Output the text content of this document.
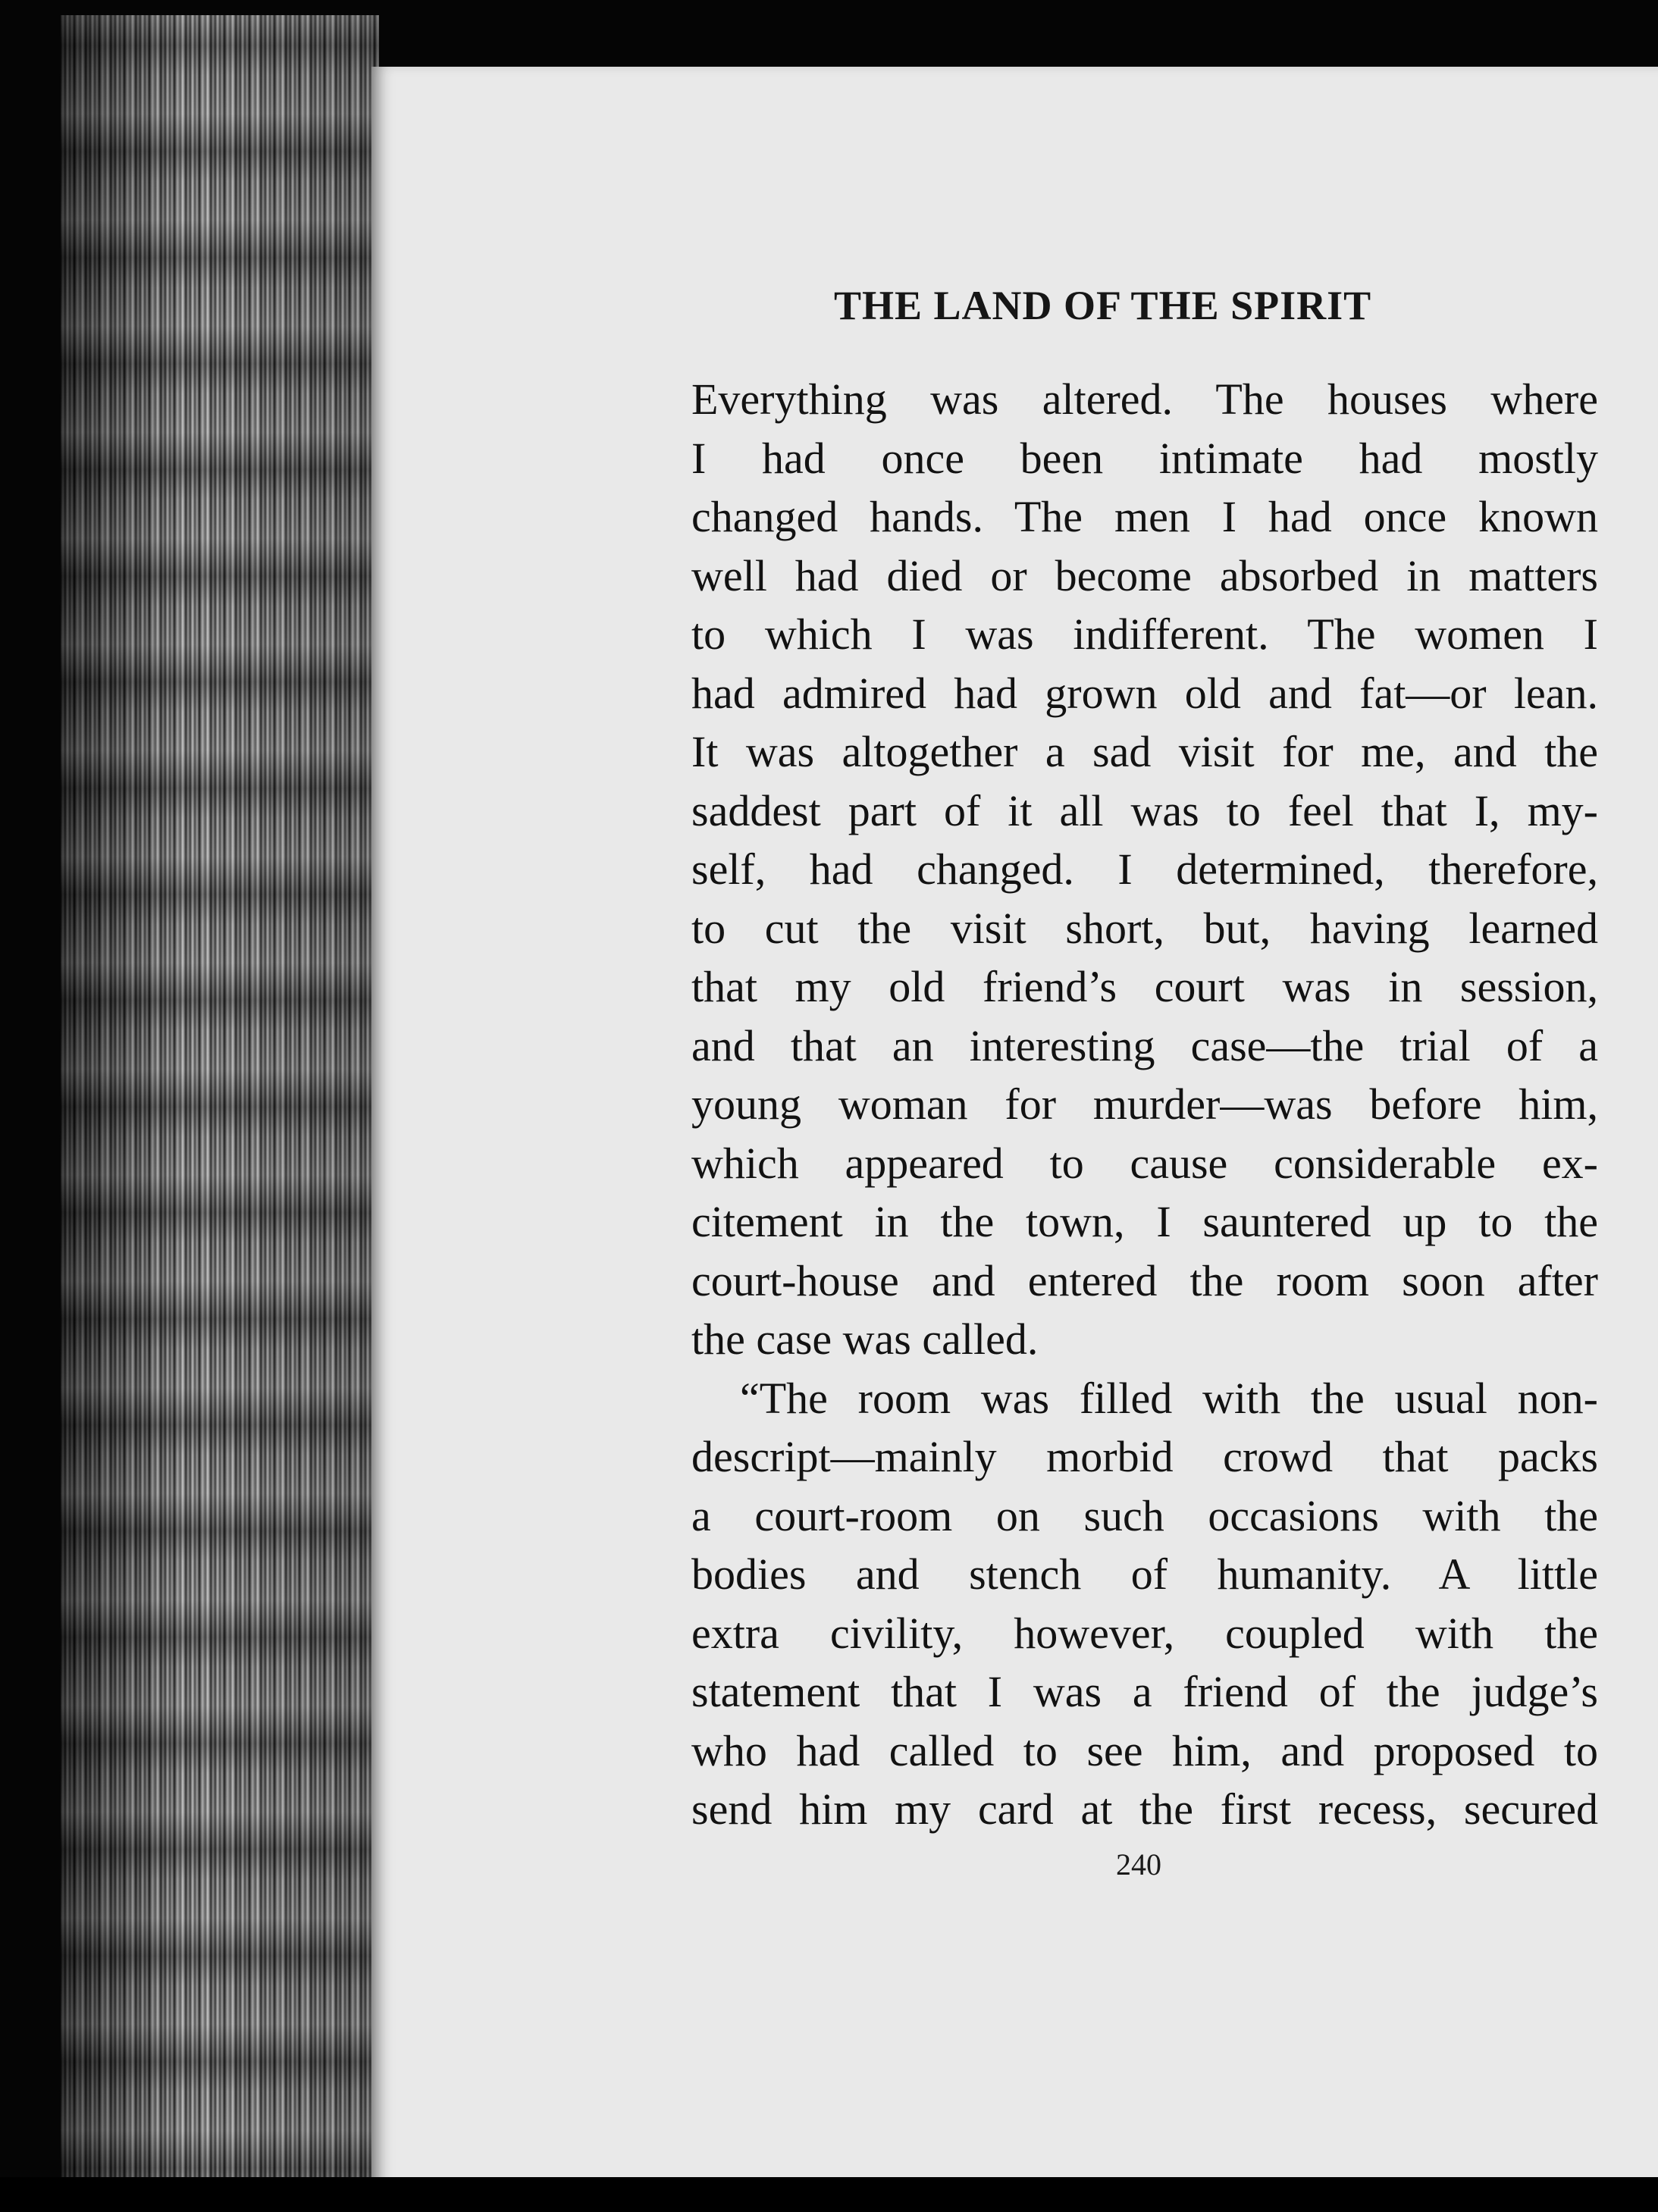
THE LAND OF THE SPIRIT
Everything was altered. The houses where
I had once been intimate had mostly
changed hands. The men I had once known
well had died or become absorbed in matters
to which I was indifferent. The women I
had admired had grown old and fat—or lean.
It was altogether a sad visit for me, and the
saddest part of it all was to feel that I, my-
self, had changed. I determined, therefore,
to cut the visit short, but, having learned
that my old friend’s court was in session,
and that an interesting case—the trial of a
young woman for murder—was before him,
which appeared to cause considerable ex-
citement in the town, I sauntered up to the
court-house and entered the room soon after
the case was called.
“The room was filled with the usual non-
descript—mainly morbid crowd that packs
a court-room on such occasions with the
bodies and stench of humanity. A little
extra civility, however, coupled with the
statement that I was a friend of the judge’s
who had called to see him, and proposed to
send him my card at the first recess, secured
240
